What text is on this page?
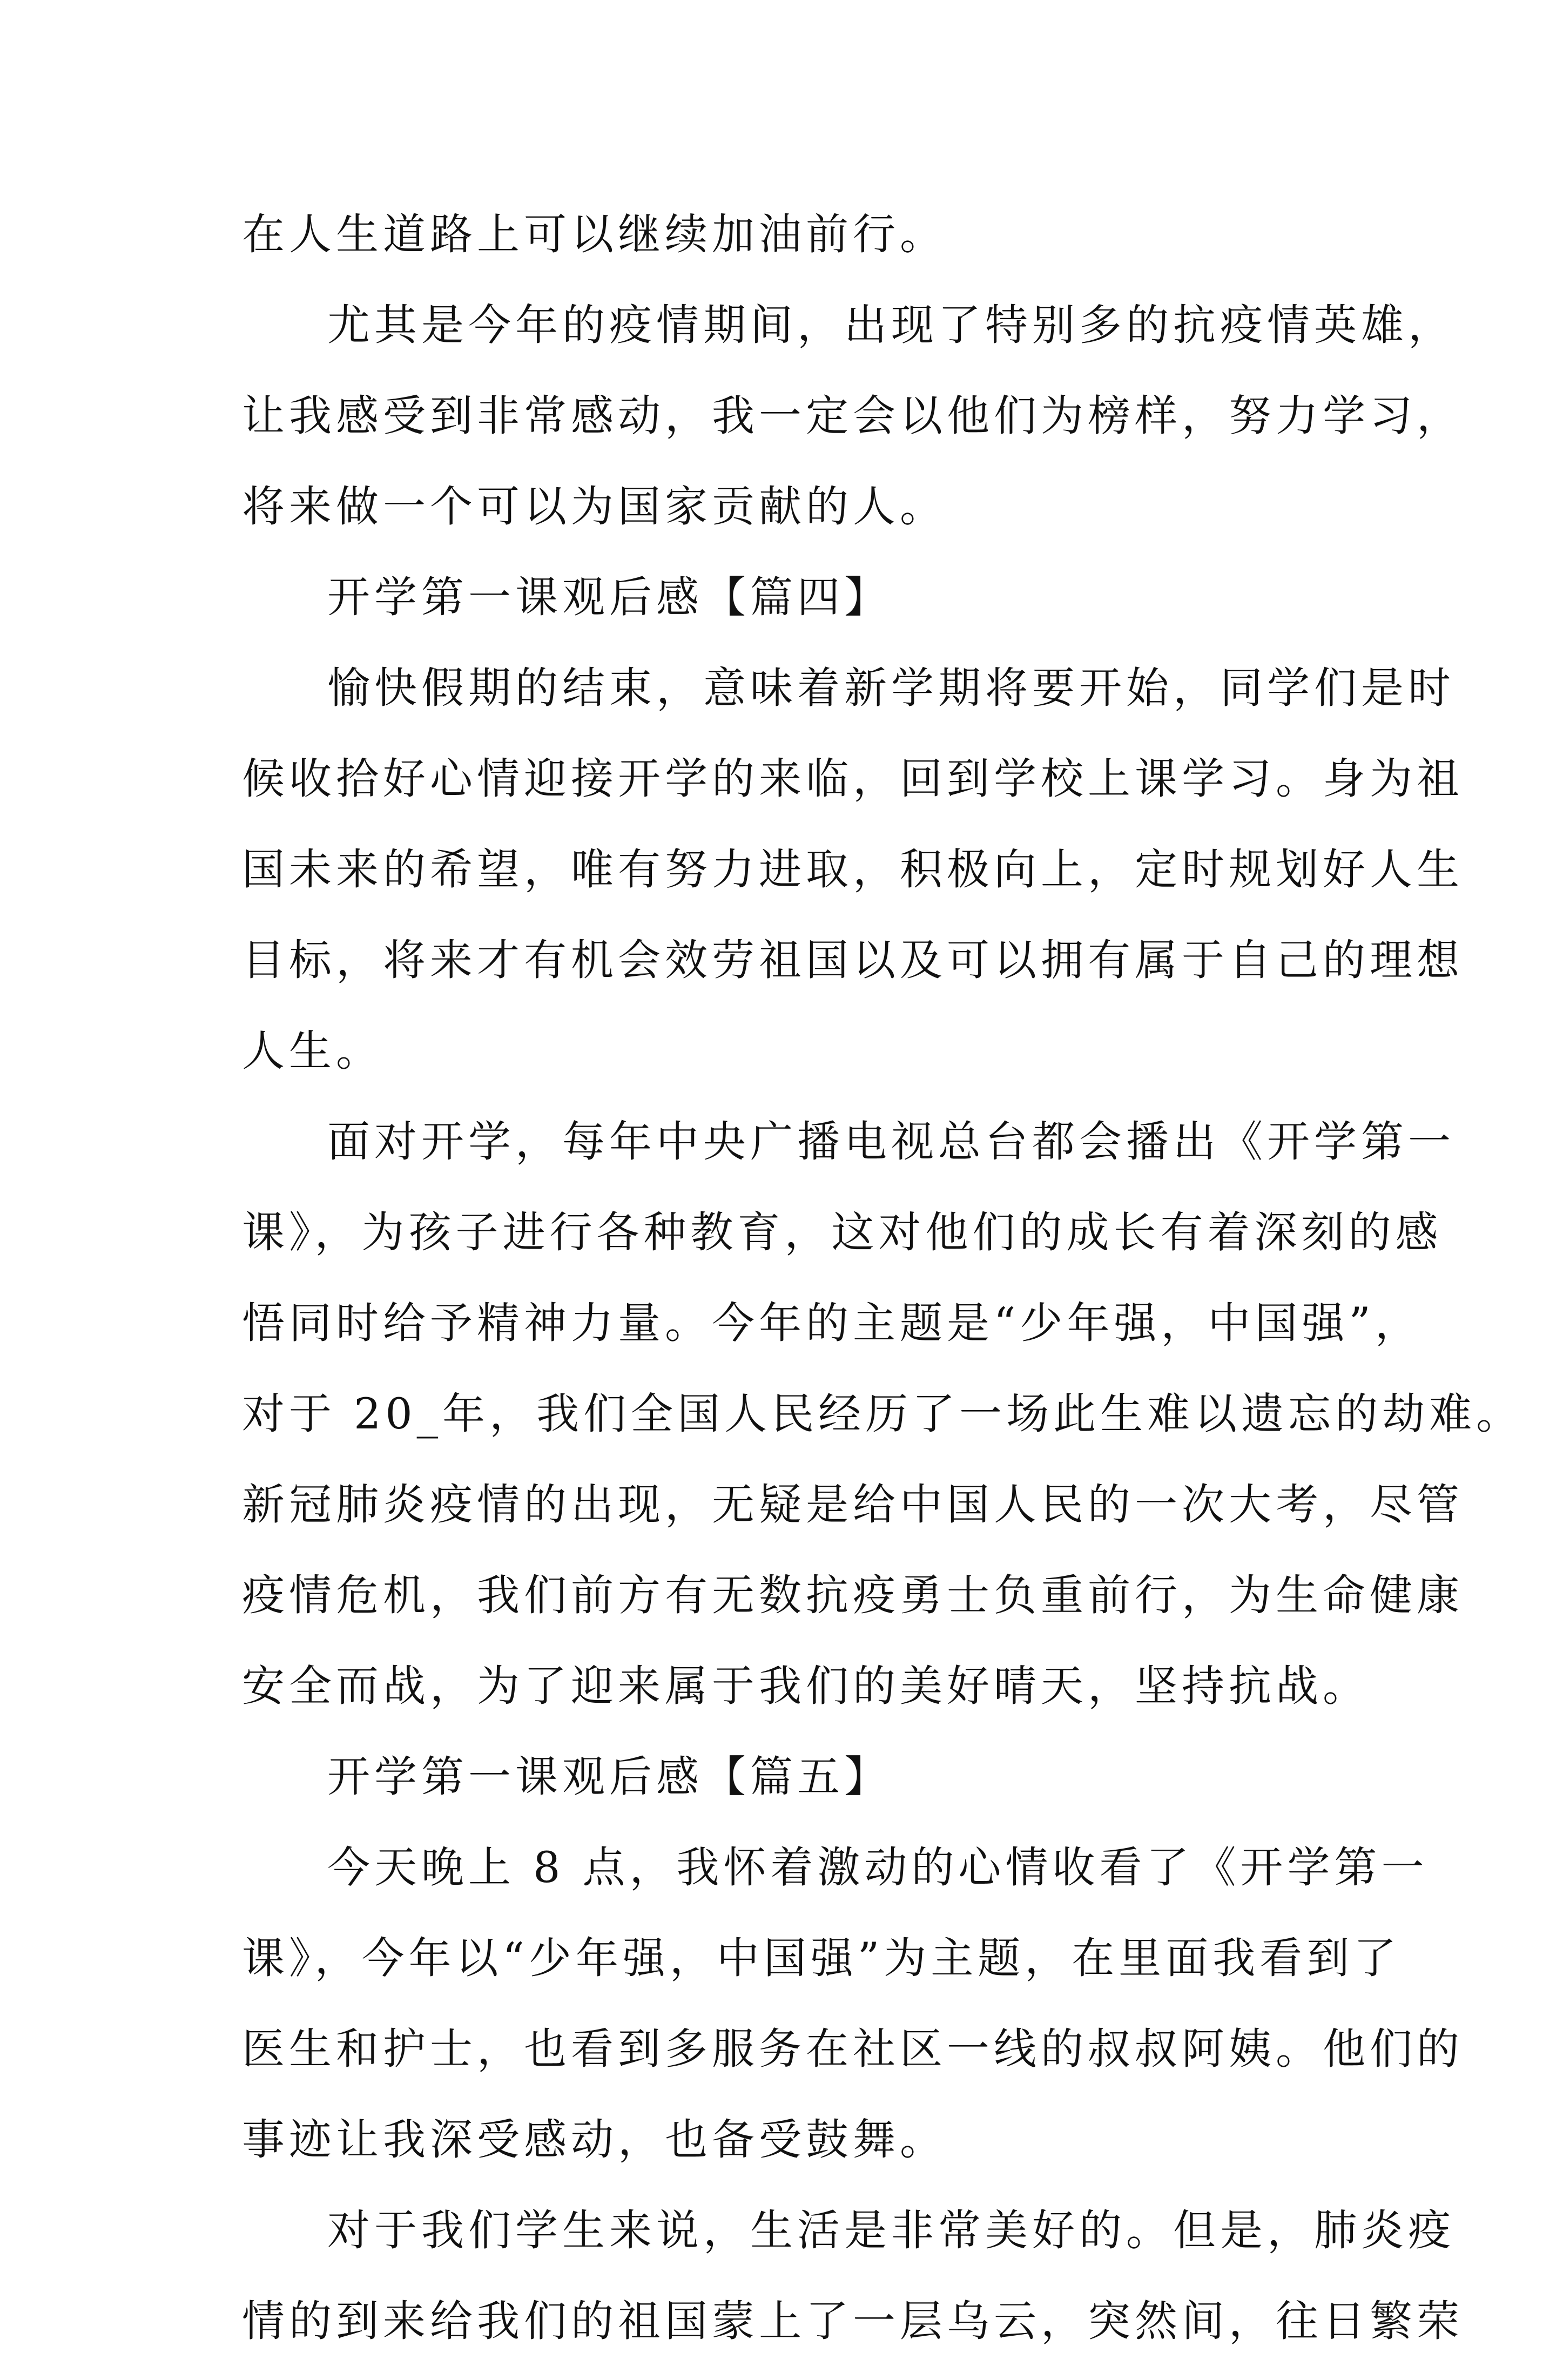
在人生道路上可以继续加油前行。
尤其是今年的疫情期间，出现了特别多的抗疫情英雄，
让我感受到非常感动，我一定会以他们为榜样，努力学习，
将来做一个可以为国家贡献的人。
开学第一课观后感【篇四】
愉快假期的结束，意味着新学期将要开始，同学们是时
候收拾好心情迎接开学的来临，回到学校上课学习。身为祖
国未来的希望，唯有努力进取，积极向上，定时规划好人生
目标，将来才有机会效劳祖国以及可以拥有属于自己的理想
人生。
面对开学，每年中央广播电视总台都会播出《开学第一
课》，为孩子进行各种教育，这对他们的成长有着深刻的感
悟同时给予精神力量。今年的主题是“少年强，中国强”，
对于 20_年，我们全国人民经历了一场此生难以遗忘的劫难。
新冠肺炎疫情的出现，无疑是给中国人民的一次大考，尽管
疫情危机，我们前方有无数抗疫勇士负重前行，为生命健康
安全而战，为了迎来属于我们的美好晴天，坚持抗战。
开学第一课观后感【篇五】
今天晚上 8 点，我怀着激动的心情收看了《开学第一
课》，今年以“少年强，中国强”为主题，在里面我看到了
医生和护士，也看到多服务在社区一线的叔叔阿姨。他们的
事迹让我深受感动，也备受鼓舞。
对于我们学生来说，生活是非常美好的。但是，肺炎疫
情的到来给我们的祖国蒙上了一层乌云，突然间，往日繁荣
